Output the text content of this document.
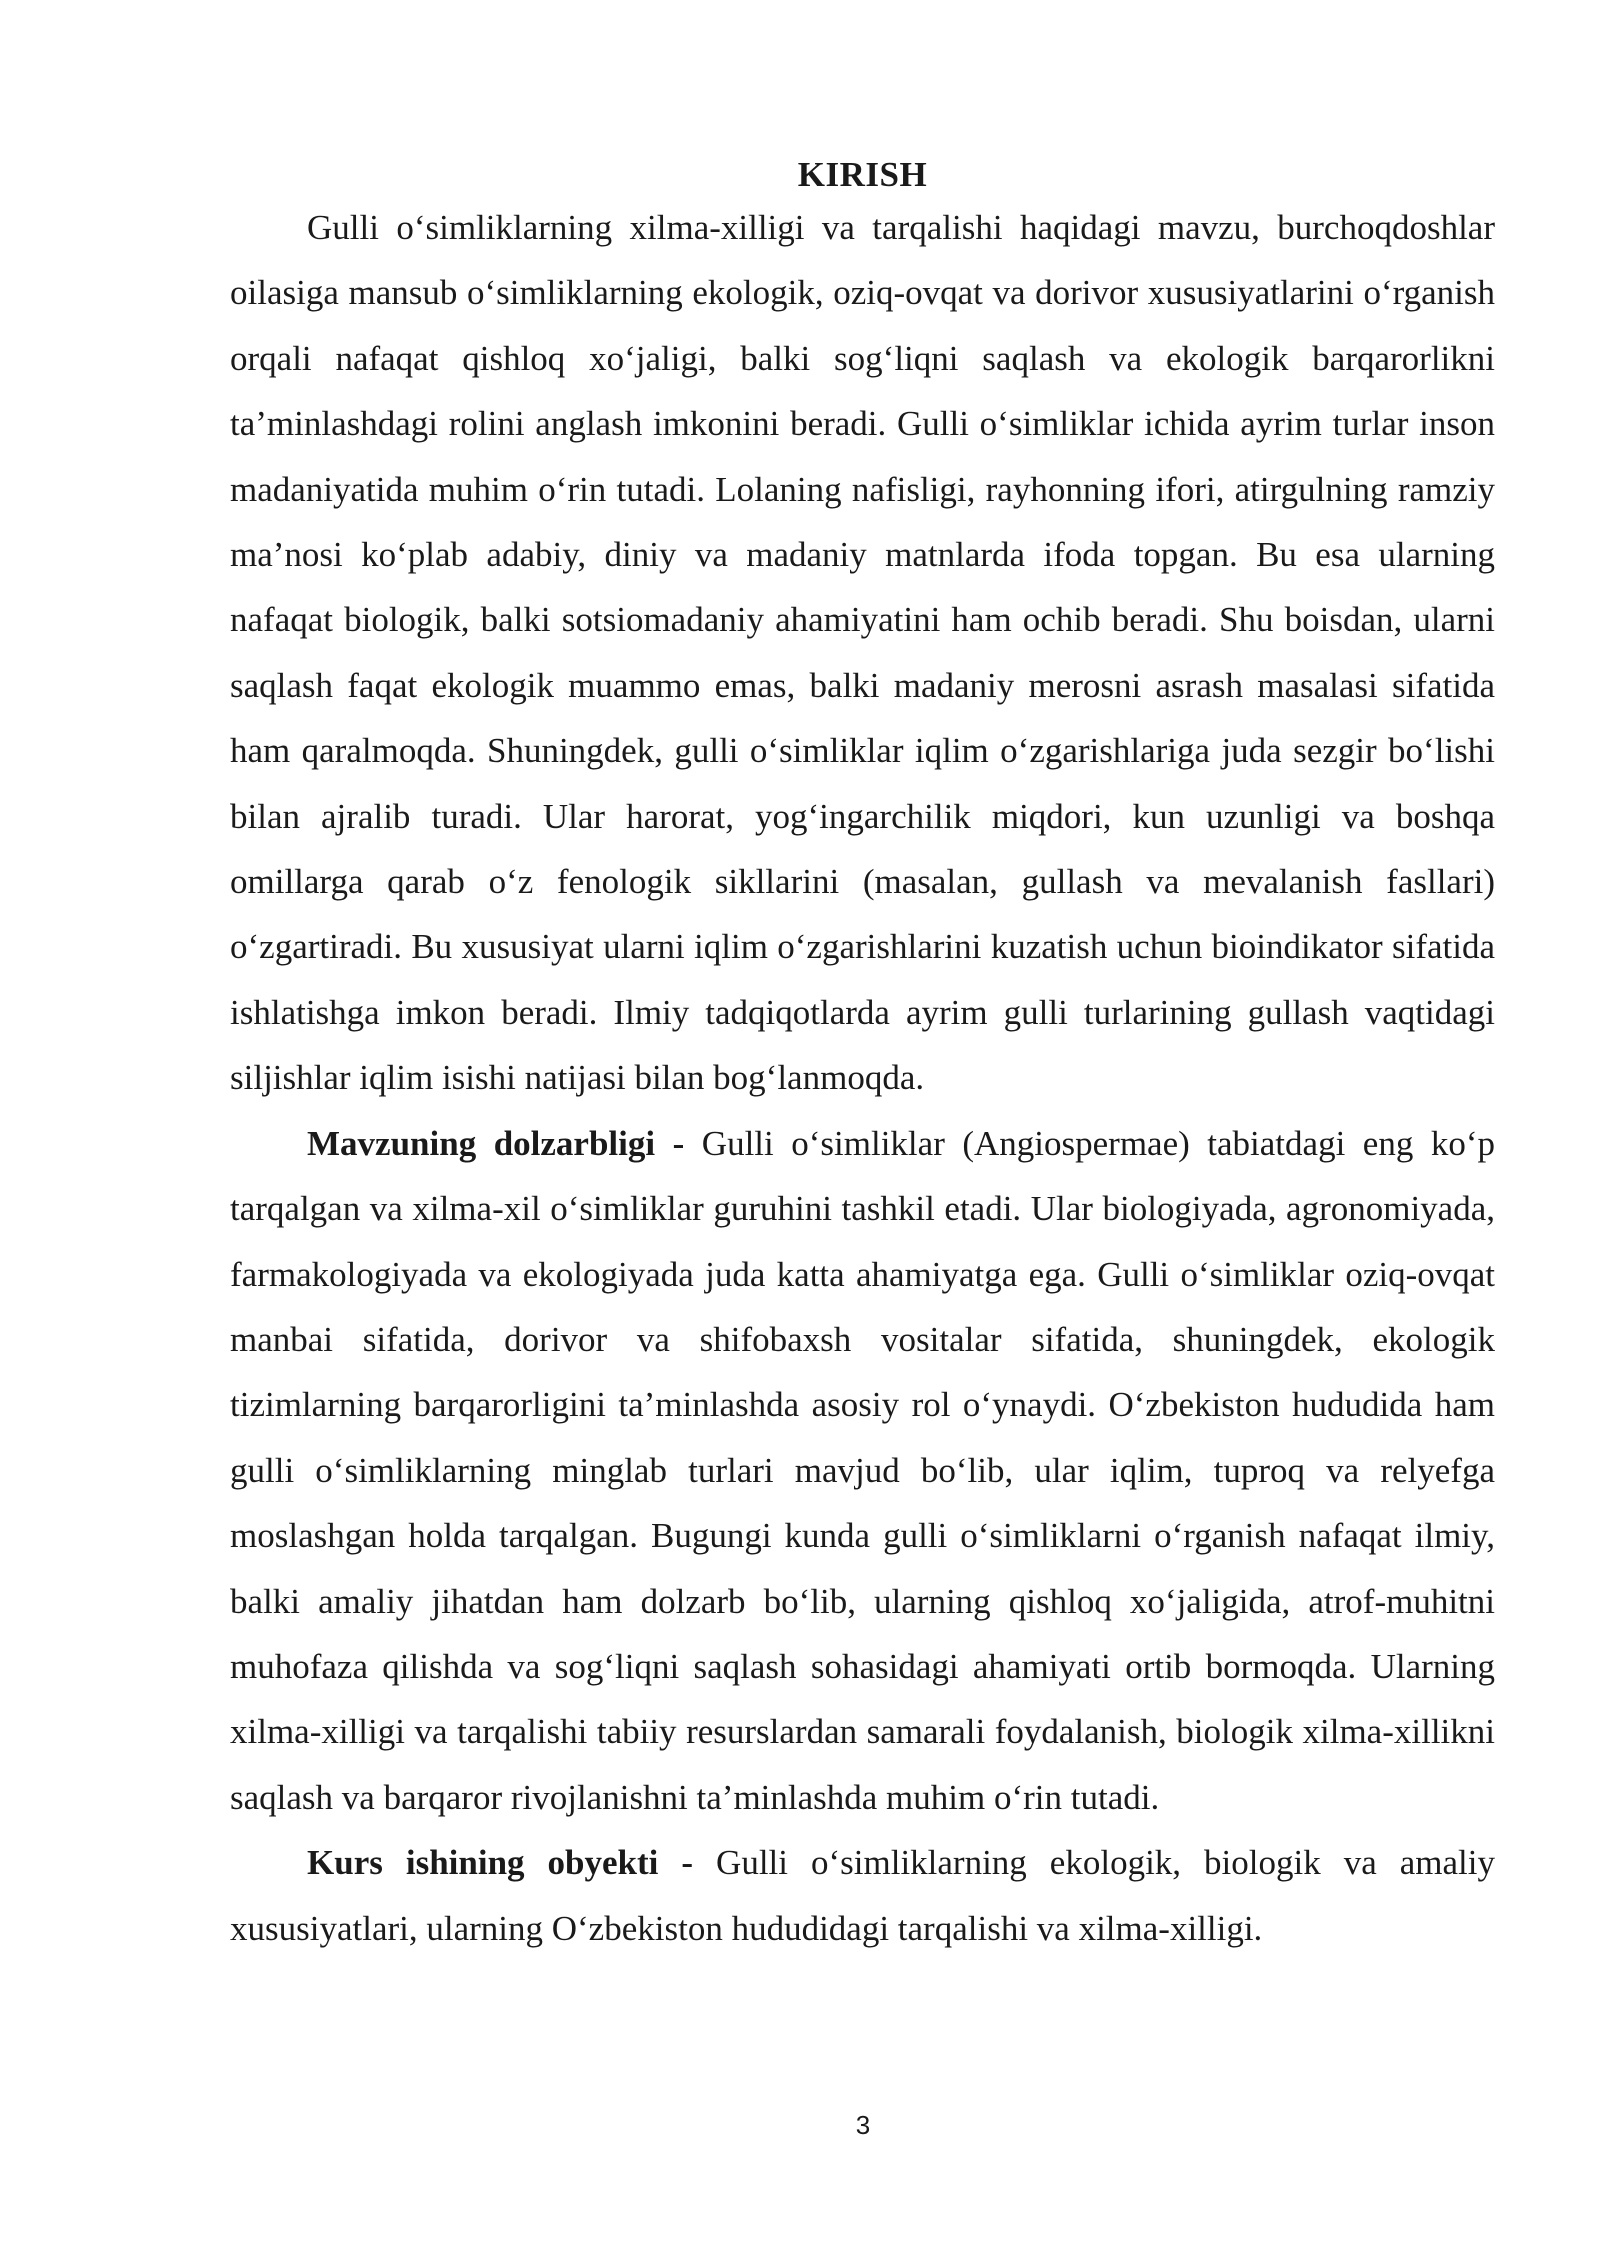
KIRISH

Gulli o‘simliklarning xilma-xilligi va tarqalishi haqidagi mavzu, burchoqdoshlar oilasiga mansub o‘simliklarning ekologik, oziq-ovqat va dorivor xususiyatlarini o‘rganish orqali nafaqat qishloq xo‘jaligi, balki sog‘liqni saqlash va ekologik barqarorlikni ta’minlashdagi rolini anglash imkonini beradi. Gulli o‘simliklar ichida ayrim turlar inson madaniyatida muhim o‘rin tutadi. Lolaning nafisligi, rayhonning ifori, atirgulning ramziy ma’nosi ko‘plab adabiy, diniy va madaniy matnlarda ifoda topgan. Bu esa ularning nafaqat biologik, balki sotsiomadaniy ahamiyatini ham ochib beradi. Shu boisdan, ularni saqlash faqat ekologik muammo emas, balki madaniy merosni asrash masalasi sifatida ham qaralmoqda. Shuningdek, gulli o‘simliklar iqlim o‘zgarishlariga juda sezgir bo‘lishi bilan ajralib turadi. Ular harorat, yog‘ingarchilik miqdori, kun uzunligi va boshqa omillarga qarab o‘z fenologik sikllarini (masalan, gullash va mevalanish fasllari) o‘zgartiradi. Bu xususiyat ularni iqlim o‘zgarishlarini kuzatish uchun bioindikator sifatida ishlatishga imkon beradi. Ilmiy tadqiqotlarda ayrim gulli turlarining gullash vaqtidagi siljishlar iqlim isishi natijasi bilan bog‘lanmoqda.

Mavzuning dolzarbligi - Gulli o‘simliklar (Angiospermae) tabiatdagi eng ko‘p tarqalgan va xilma-xil o‘simliklar guruhini tashkil etadi. Ular biologiyada, agronomiyada, farmakologiyada va ekologiyada juda katta ahamiyatga ega. Gulli o‘simliklar oziq-ovqat manbai sifatida, dorivor va shifobaxsh vositalar sifatida, shuningdek, ekologik tizimlarning barqarorligini ta’minlashda asosiy rol o‘ynaydi. O‘zbekiston hududida ham gulli o‘simliklarning minglab turlari mavjud bo‘lib, ular iqlim, tuproq va relyefga moslashgan holda tarqalgan. Bugungi kunda gulli o‘simliklarni o‘rganish nafaqat ilmiy, balki amaliy jihatdan ham dolzarb bo‘lib, ularning qishloq xo‘jaligida, atrof-muhitni muhofaza qilishda va sog‘liqni saqlash sohasidagi ahamiyati ortib bormoqda. Ularning xilma-xilligi va tarqalishi tabiiy resurslardan samarali foydalanish, biologik xilma-xillikni saqlash va barqaror rivojlanishni ta’minlashda muhim o‘rin tutadi.

Kurs ishining obyekti - Gulli o‘simliklarning ekologik, biologik va amaliy xususiyatlari, ularning O‘zbekiston hududidagi tarqalishi va xilma-xilligi.

3
